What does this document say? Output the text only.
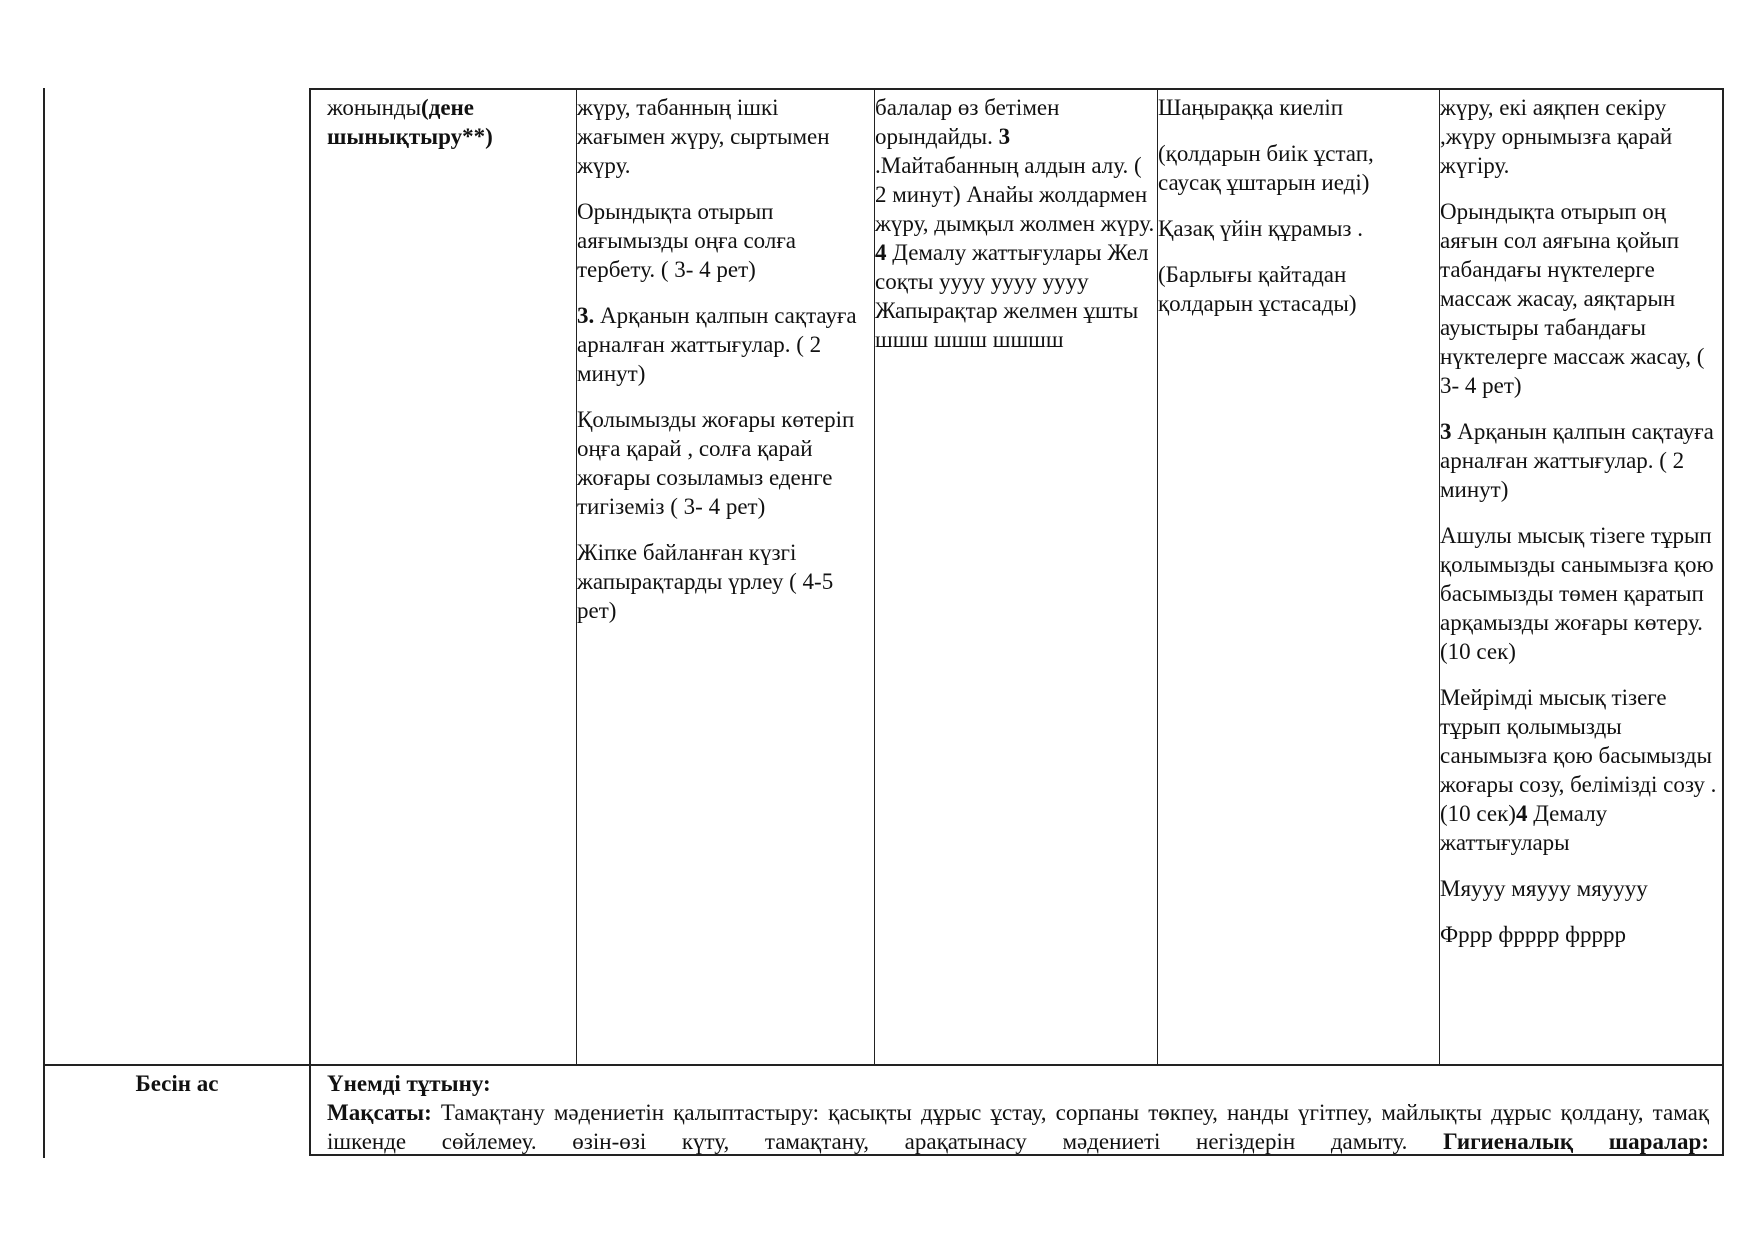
жонынды(дене
шынықтыру**)

жүру, табанның ішкі жағымен жүру, сыртымен жүру.

Орындықта отырып аяғымызды оңға солға тербету. ( 3- 4 рет)

3. Арқанын қалпын сақтауға арналған жаттығулар. ( 2 минут)

Қолымызды жоғары көтеріп оңға қарай , солға қарай жоғары созыламыз еденге тигіземіз ( 3- 4 рет)

Жіпке байланған күзгі жапырақтарды үрлеу ( 4-5 рет)

балалар өз бетімен орындайды. 3 .Майтабанның алдын алу. ( 2 минут) Анайы жолдармен жүру, дымқыл жолмен жүру. 4 Демалу жаттығулары Жел соқты уууу уууу уууу Жапырақтар желмен ұшты шшш шшш шшшш

Шаңыраққа киеліп

(қолдарын биік ұстап, саусақ ұштарын иеді)

Қазақ үйін құрамыз .

(Барлығы қайтадан қолдарын ұстасады)

жүру, екі аяқпен секіру ,жүру орнымызға қарай жүгіру.

Орындықта отырып оң аяғын сол аяғына қойып табандағы нүктелерге массаж жасау, аяқтарын ауыстыры табандағы нүктелерге массаж жасау, ( 3- 4 рет)

3 Арқанын қалпын сақтауға арналған жаттығулар. ( 2 минут)

Ашулы мысық тізеге тұрып қолымызды санымызға қою басымызды төмен қаратып арқамызды жоғары көтеру. (10 сек)

Мейрімді мысық тізеге тұрып қолымызды санымызға қою басымызды жоғары созу, белімізді созу . (10 сек)4 Демалу жаттығулары

Мяууу мяууу мяуууу

Фррр фрррр фрррр

Бесін ас	Үнемді тұтыну:
Мақсаты: Тамақтану мәдениетін қалыптастыру: қасықты дұрыс ұстау, сорпаны төкпеу, нанды үгітпеу, майлықты дұрыс қолдану, тамақ ішкенде сөйлемеу. өзін-өзі күту, тамақтану, арақатынасу мәдениеті негіздерін дамыту. Гигиеналық шаралар:
